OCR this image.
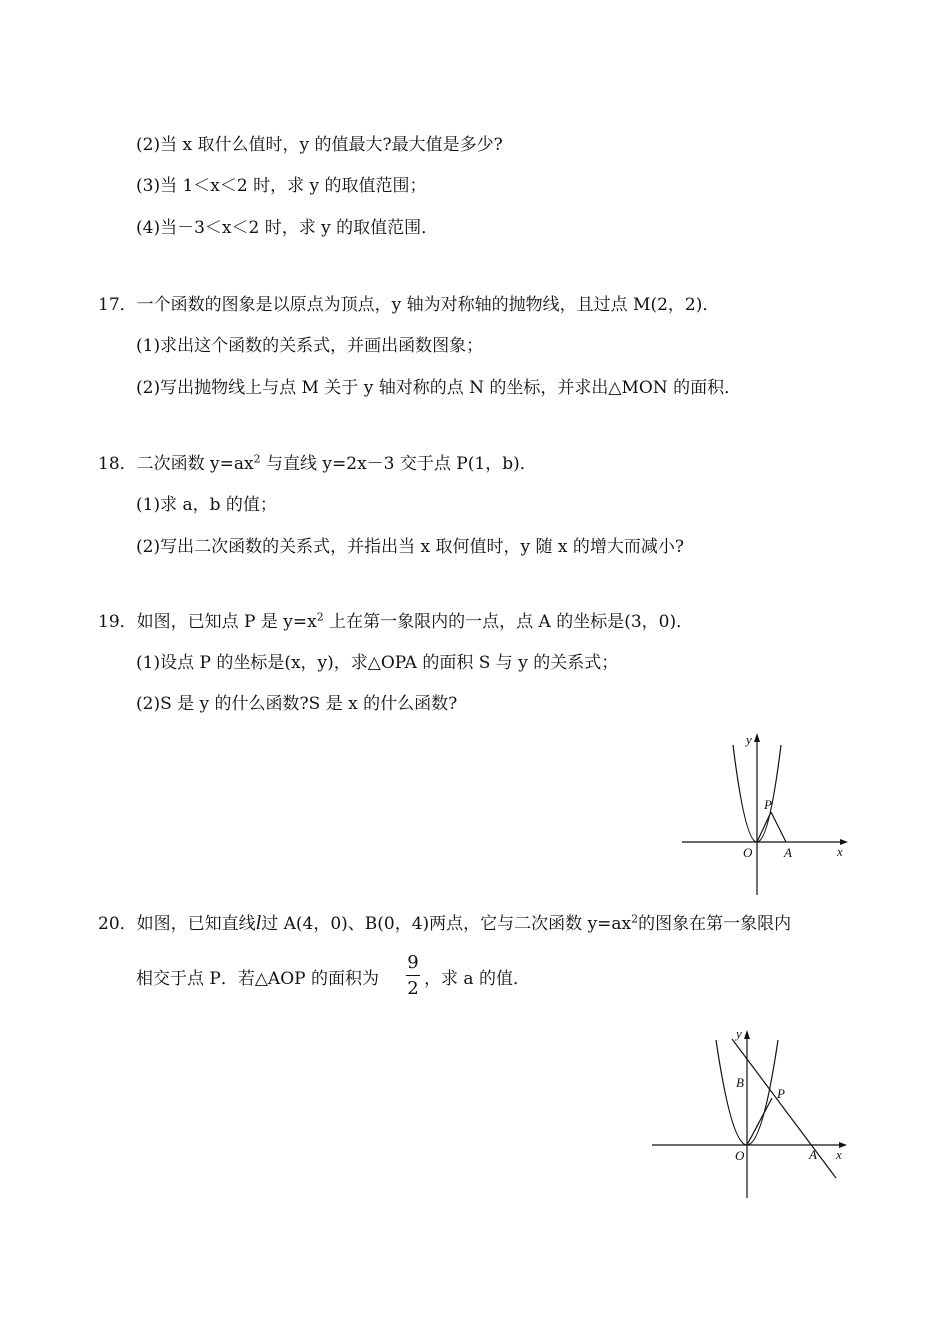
(2)当 x 取什么值时，y 的值最大?最大值是多少?
(3)当 1＜x＜2 时，求 y 的取值范围；
(4)当－3＜x＜2 时，求 y 的取值范围．
17．一个函数的图象是以原点为顶点，y 轴为对称轴的抛物线，且过点 M(2，2)．
(1)求出这个函数的关系式，并画出函数图象；
(2)写出抛物线上与点 M 关于 y 轴对称的点 N 的坐标，并求出△MON 的面积．
18．二次函数 $y=ax^2$ 与直线 y=2x－3 交于点 P(1，b)．
(1)求 a，b 的值；
(2)写出二次函数的关系式，并指出当 x 取何值时，y 随 x 的增大而减小?
19．如图，已知点 P 是 $y=x^2$ 上在第一象限内的一点，点 A 的坐标是(3，0)．
(1)设点 P 的坐标是(x，y)，求△OPA 的面积 S 与 y 的关系式；
(2)S 是 y 的什么函数?S 是 x 的什么函数?
y
x
O
P
A
20．如图，已知直线l过 A(4，0)、B(0，4)两点，它与二次函数 $y=ax^2$的图象在第一象限内
相交于点 P．若△AOP 的面积为
9
2 ，求 a 的值．
y
x
O
B
P
A
